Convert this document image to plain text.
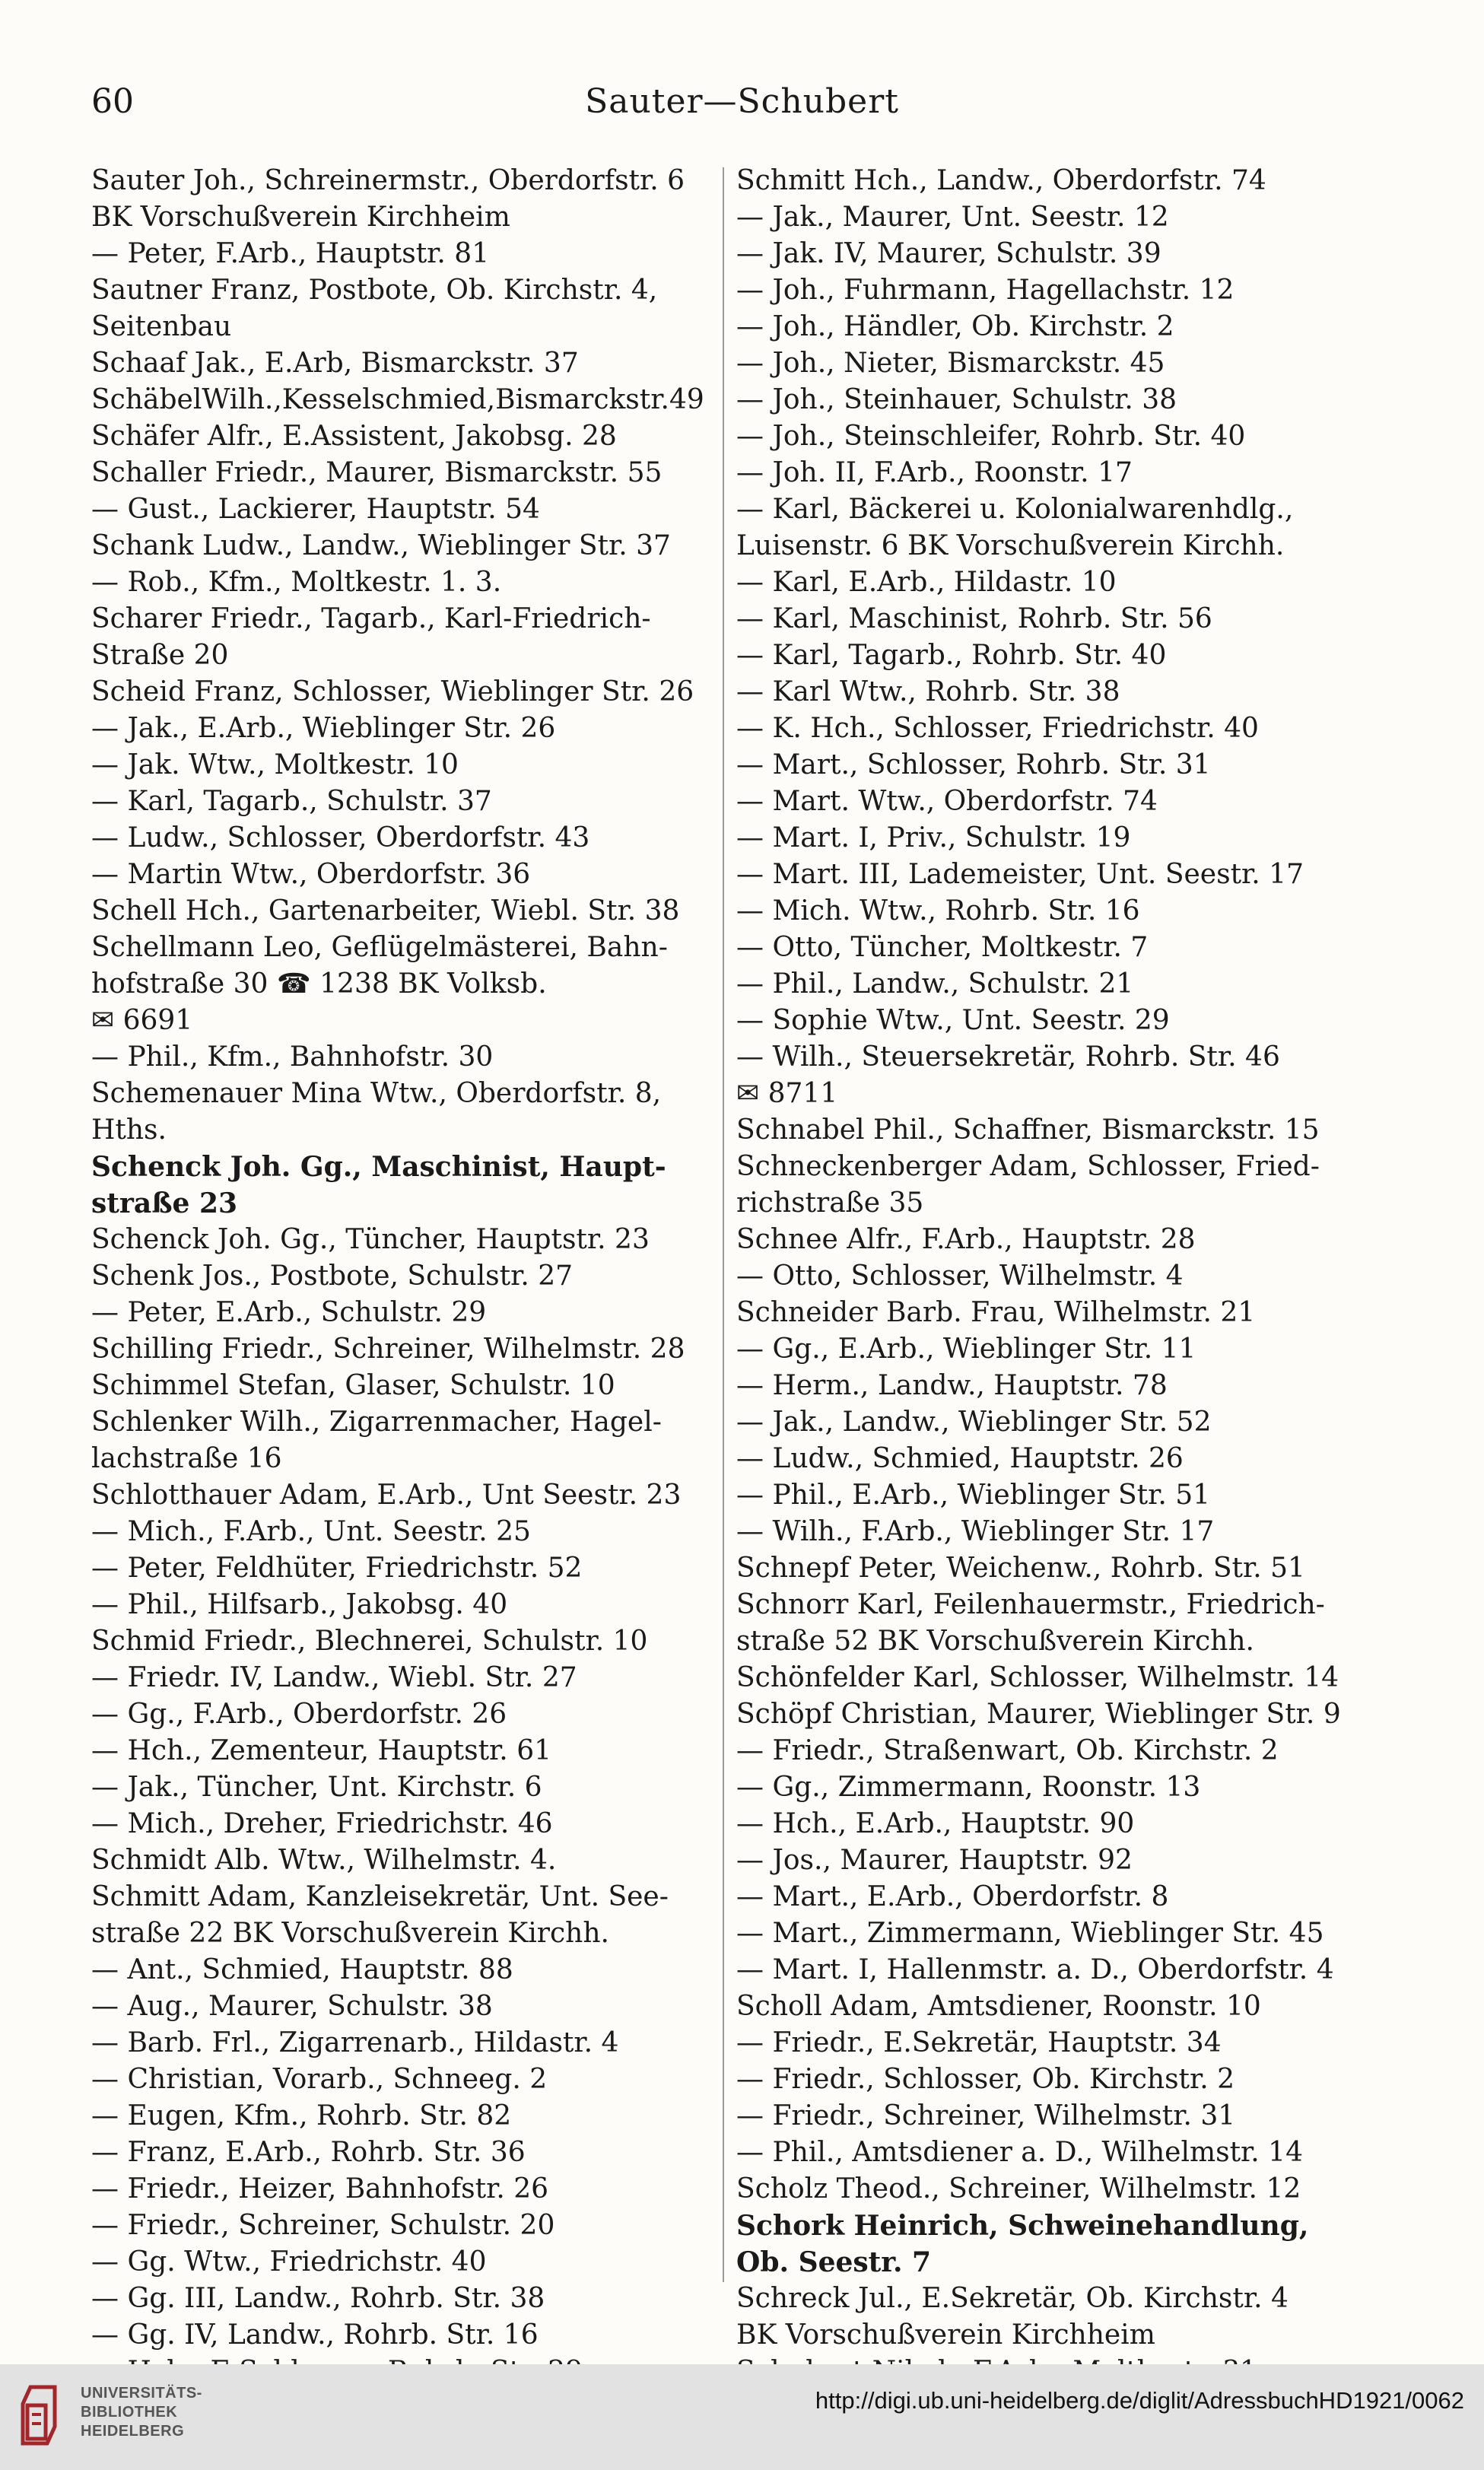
60	Sauter—Schubert

Sauter Joh., Schreinermstr., Oberdorfstr. 6

BK Vorschußverein Kirchheim

— Peter, F.Arb., Hauptstr. 81

Sautner Franz, Postbote, Ob. Kirchstr. 4,

Seitenbau

Schaaf Jak., E.Arb, Bismarckstr. 37

SchäbelWilh.,Kesselschmied,Bismarckstr.49

Schäfer Alfr., E.Assistent, Jakobsg. 28

Schaller Friedr., Maurer, Bismarckstr. 55

— Gust., Lackierer, Hauptstr. 54

Schank Ludw., Landw., Wieblinger Str. 37

— Rob., Kfm., Moltkestr. 1. 3.

Scharer Friedr., Tagarb., Karl-Friedrich-

Straße 20

Scheid Franz, Schlosser, Wieblinger Str. 26

— Jak., E.Arb., Wieblinger Str. 26

— Jak. Wtw., Moltkestr. 10

— Karl, Tagarb., Schulstr. 37

— Ludw., Schlosser, Oberdorfstr. 43

— Martin Wtw., Oberdorfstr. 36

Schell Hch., Gartenarbeiter, Wiebl. Str. 38

Schellmann Leo, Geflügelmästerei, Bahn-

hofstraße 30 ☎ 1238 BK Volksb.

✉ 6691

— Phil., Kfm., Bahnhofstr. 30

Schemenauer Mina Wtw., Oberdorfstr. 8,

Hths.

Schenck Joh. Gg., Maschinist, Haupt-

straße 23

Schenck Joh. Gg., Tüncher, Hauptstr. 23

Schenk Jos., Postbote, Schulstr. 27

— Peter, E.Arb., Schulstr. 29

Schilling Friedr., Schreiner, Wilhelmstr. 28

Schimmel Stefan, Glaser, Schulstr. 10

Schlenker Wilh., Zigarrenmacher, Hagel-

lachstraße 16

Schlotthauer Adam, E.Arb., Unt Seestr. 23

— Mich., F.Arb., Unt. Seestr. 25

— Peter, Feldhüter, Friedrichstr. 52

— Phil., Hilfsarb., Jakobsg. 40

Schmid Friedr., Blechnerei, Schulstr. 10

— Friedr. IV, Landw., Wiebl. Str. 27

— Gg., F.Arb., Oberdorfstr. 26

— Hch., Zementeur, Hauptstr. 61

— Jak., Tüncher, Unt. Kirchstr. 6

— Mich., Dreher, Friedrichstr. 46

Schmidt Alb. Wtw., Wilhelmstr. 4.

Schmitt Adam, Kanzleisekretär, Unt. See-

straße 22 BK Vorschußverein Kirchh.

— Ant., Schmied, Hauptstr. 88

— Aug., Maurer, Schulstr. 38

— Barb. Frl., Zigarrenarb., Hildastr. 4

— Christian, Vorarb., Schneeg. 2

— Eugen, Kfm., Rohrb. Str. 82

— Franz, E.Arb., Rohrb. Str. 36

— Friedr., Heizer, Bahnhofstr. 26

— Friedr., Schreiner, Schulstr. 20

— Gg. Wtw., Friedrichstr. 40

— Gg. III, Landw., Rohrb. Str. 38

— Gg. IV, Landw., Rohrb. Str. 16

Schmitt Hch., Landw., Oberdorfstr. 74

— Jak., Maurer, Unt. Seestr. 12

— Jak. IV, Maurer, Schulstr. 39

— Joh., Fuhrmann, Hagellachstr. 12

— Joh., Händler, Ob. Kirchstr. 2

— Joh., Nieter, Bismarckstr. 45

— Joh., Steinhauer, Schulstr. 38

— Joh., Steinschleifer, Rohrb. Str. 40

— Joh. II, F.Arb., Roonstr. 17

— Karl, Bäckerei u. Kolonialwarenhdlg.,

Luisenstr. 6 BK Vorschußverein Kirchh.

— Karl, E.Arb., Hildastr. 10

— Karl, Maschinist, Rohrb. Str. 56

— Karl, Tagarb., Rohrb. Str. 40

— Karl Wtw., Rohrb. Str. 38

— K. Hch., Schlosser, Friedrichstr. 40

— Mart., Schlosser, Rohrb. Str. 31

— Mart. Wtw., Oberdorfstr. 74

— Mart. I, Priv., Schulstr. 19

— Mart. III, Lademeister, Unt. Seestr. 17

— Mich. Wtw., Rohrb. Str. 16

— Otto, Tüncher, Moltkestr. 7

— Phil., Landw., Schulstr. 21

— Sophie Wtw., Unt. Seestr. 29

— Wilh., Steuersekretär, Rohrb. Str. 46

✉ 8711

Schnabel Phil., Schaffner, Bismarckstr. 15

Schneckenberger Adam, Schlosser, Fried-

richstraße 35

Schnee Alfr., F.Arb., Hauptstr. 28

— Otto, Schlosser, Wilhelmstr. 4

Schneider Barb. Frau, Wilhelmstr. 21

— Gg., E.Arb., Wieblinger Str. 11

— Herm., Landw., Hauptstr. 78

— Jak., Landw., Wieblinger Str. 52

— Ludw., Schmied, Hauptstr. 26

— Phil., E.Arb., Wieblinger Str. 51

— Wilh., F.Arb., Wieblinger Str. 17

Schnepf Peter, Weichenw., Rohrb. Str. 51

Schnorr Karl, Feilenhauermstr., Friedrich-

straße 52 BK Vorschußverein Kirchh.

Schönfelder Karl, Schlosser, Wilhelmstr. 14

Schöpf Christian, Maurer, Wieblinger Str. 9

— Friedr., Straßenwart, Ob. Kirchstr. 2

— Gg., Zimmermann, Roonstr. 13

— Hch., E.Arb., Hauptstr. 90

— Jos., Maurer, Hauptstr. 92

— Mart., E.Arb., Oberdorfstr. 8

— Mart., Zimmermann, Wieblinger Str. 45

— Mart. I, Hallenmstr. a. D., Oberdorfstr. 4

Scholl Adam, Amtsdiener, Roonstr. 10

— Friedr., E.Sekretär, Hauptstr. 34

— Friedr., Schlosser, Ob. Kirchstr. 2

— Friedr., Schreiner, Wilhelmstr. 31

— Phil., Amtsdiener a. D., Wilhelmstr. 14

Scholz Theod., Schreiner, Wilhelmstr. 12

Schork Heinrich, Schweinehandlung,

Ob. Seestr. 7

Schreck Jul., E.Sekretär, Ob. Kirchstr. 4

BK Vorschußverein Kirchheim

UNIVERSITÄTS-
BIBLIOTHEK
HEIDELBERG
http://digi.ub.uni-heidelberg.de/diglit/AdressbuchHD1921/0062
